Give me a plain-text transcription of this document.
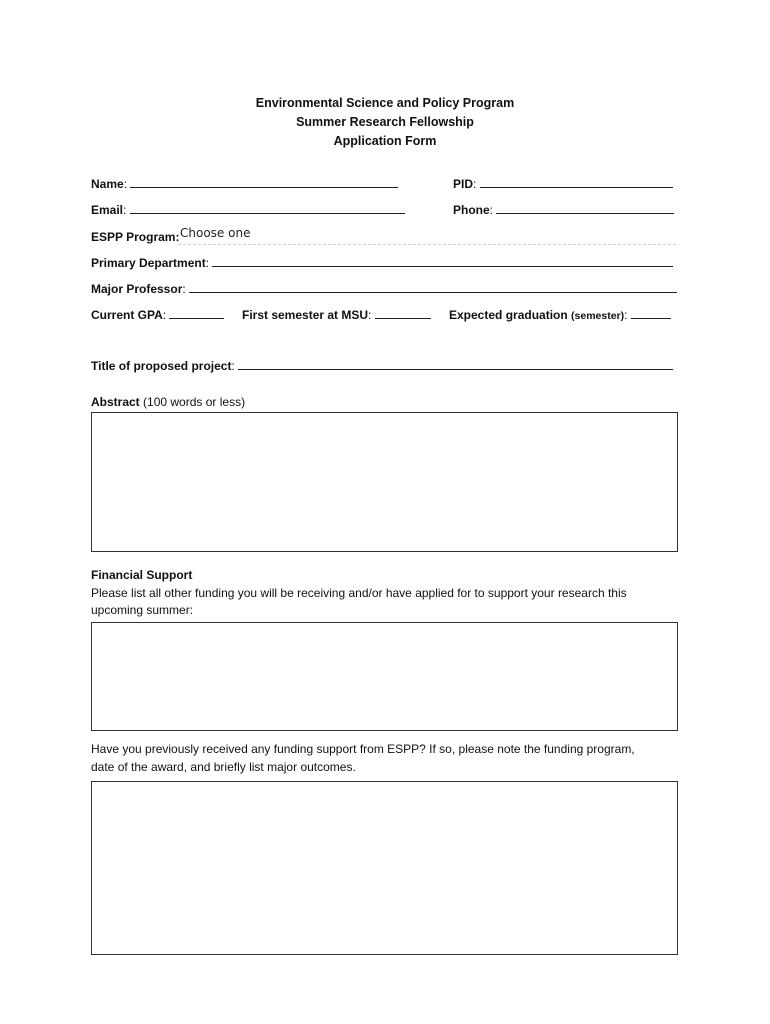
Environmental Science and Policy Program
Summer Research Fellowship
Application Form
Name:	PID:
Email:	Phone:
ESPP Program: Choose one
Primary Department:
Major Professor:
Current GPA:	First semester at MSU:	Expected graduation (semester):
Title of proposed project:
Abstract (100 words or less)
Financial Support
Please list all other funding you will be receiving and/or have applied for to support your research this
upcoming summer:
Have you previously received any funding support from ESPP? If so, please note the funding program,
date of the award, and briefly list major outcomes.
